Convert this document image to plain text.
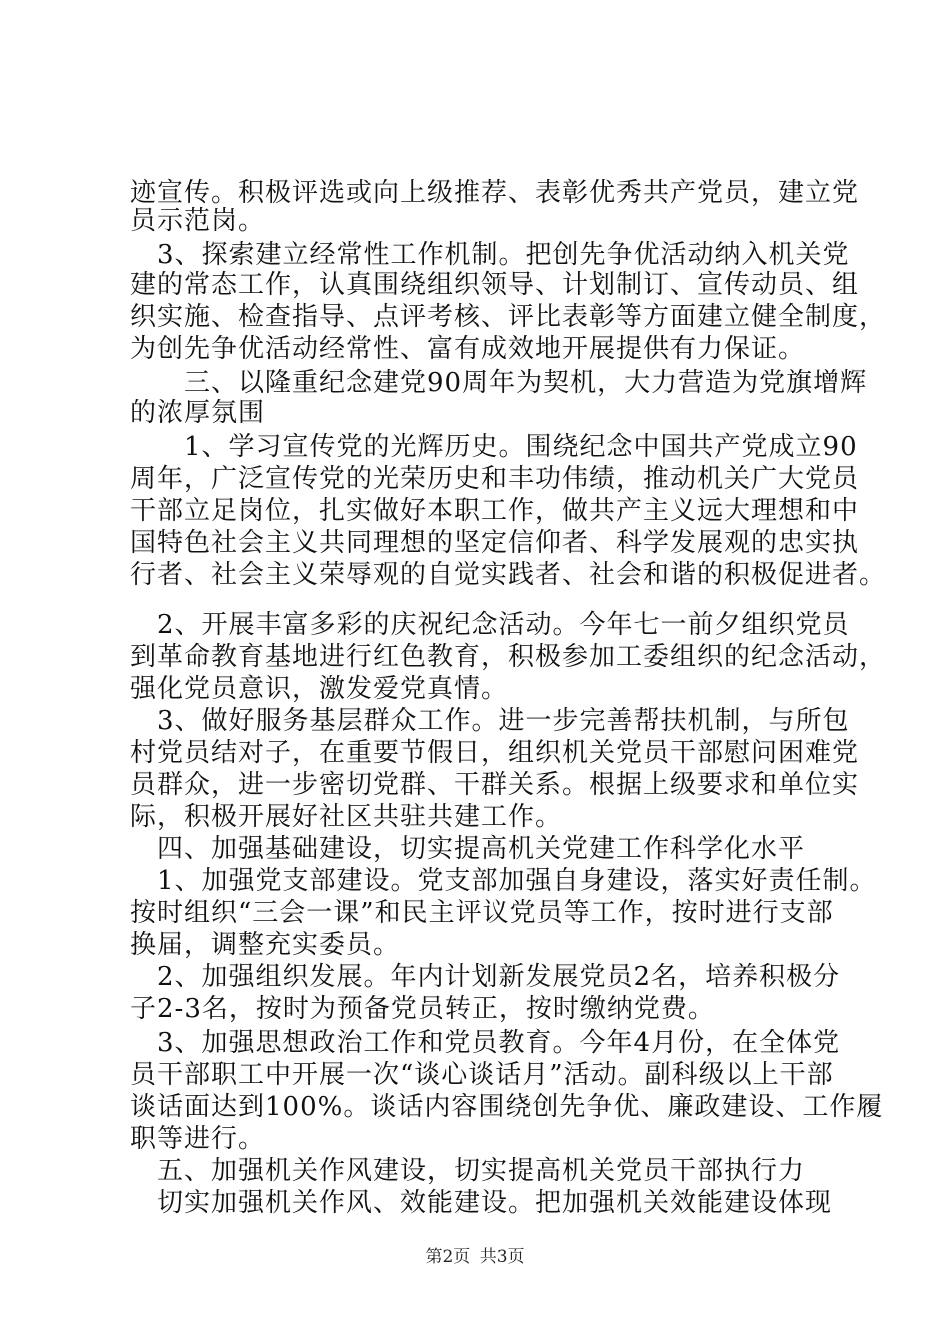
迹宣传。积极评选或向上级推荐、表彰优秀共产党员，建立党
员示范岗。
　3、探索建立经常性工作机制。把创先争优活动纳入机关党
建的常态工作，认真围绕组织领导、计划制订、宣传动员、组
织实施、检查指导、点评考核、评比表彰等方面建立健全制度，
为创先争优活动经常性、富有成效地开展提供有力保证。
　　三、以隆重纪念建党90周年为契机，大力营造为党旗增辉
的浓厚氛围
　　1、学习宣传党的光辉历史。围绕纪念中国共产党成立90
周年，广泛宣传党的光荣历史和丰功伟绩，推动机关广大党员
干部立足岗位，扎实做好本职工作，做共产主义远大理想和中
国特色社会主义共同理想的坚定信仰者、科学发展观的忠实执
行者、社会主义荣辱观的自觉实践者、社会和谐的积极促进者。
　2、开展丰富多彩的庆祝纪念活动。今年七一前夕组织党员
到革命教育基地进行红色教育，积极参加工委组织的纪念活动，
强化党员意识，激发爱党真情。
　3、做好服务基层群众工作。进一步完善帮扶机制，与所包
村党员结对子，在重要节假日，组织机关党员干部慰问困难党
员群众，进一步密切党群、干群关系。根据上级要求和单位实
际，积极开展好社区共驻共建工作。
　四、加强基础建设，切实提高机关党建工作科学化水平
　1、加强党支部建设。党支部加强自身建设，落实好责任制。
按时组织“三会一课”和民主评议党员等工作，按时进行支部
换届，调整充实委员。
　2、加强组织发展。年内计划新发展党员2名，培养积极分
子2-3名，按时为预备党员转正，按时缴纳党费。
　3、加强思想政治工作和党员教育。今年4月份，在全体党
员干部职工中开展一次“谈心谈话月”活动。副科级以上干部
谈话面达到100%。谈话内容围绕创先争优、廉政建设、工作履
职等进行。
　五、加强机关作风建设，切实提高机关党员干部执行力
　切实加强机关作风、效能建设。把加强机关效能建设体现
第2页 共3页
